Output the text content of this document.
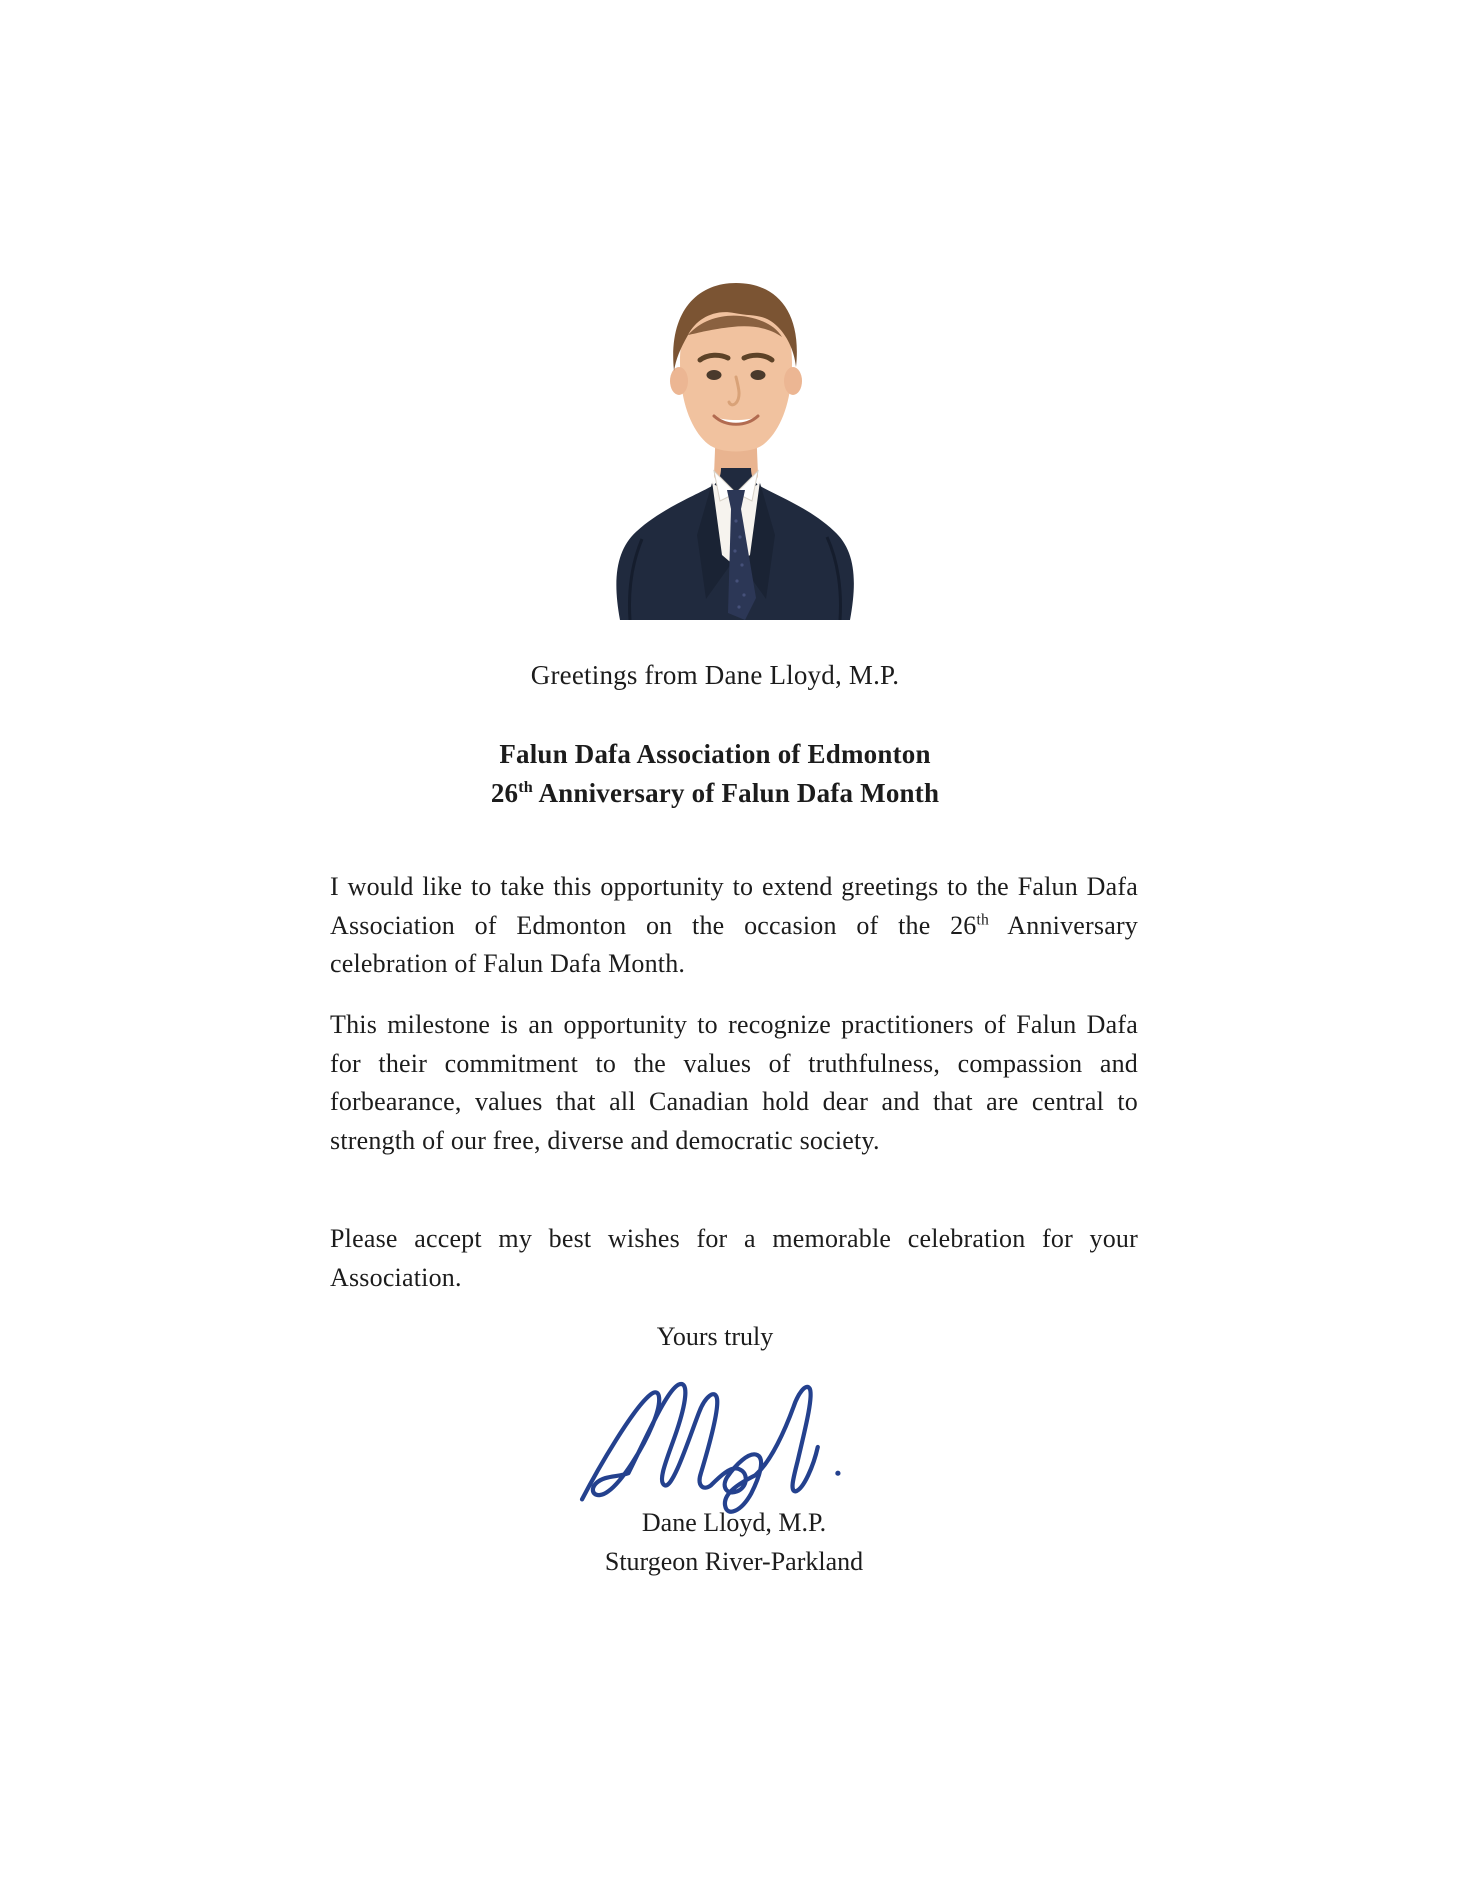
Greetings from Dane Lloyd, M.P.
Falun Dafa Association of Edmonton
26th Anniversary of Falun Dafa Month

I would like to take this opportunity to extend greetings to the Falun Dafa Association of Edmonton on the occasion of the 26th Anniversary celebration of Falun Dafa Month.

This milestone is an opportunity to recognize practitioners of Falun Dafa for their commitment to the values of truthfulness, compassion and forbearance, values that all Canadian hold dear and that are central to strength of our free, diverse and democratic society.

Please accept my best wishes for a memorable celebration for your Association.

Yours truly
Dane Lloyd, M.P.
Sturgeon River-Parkland
